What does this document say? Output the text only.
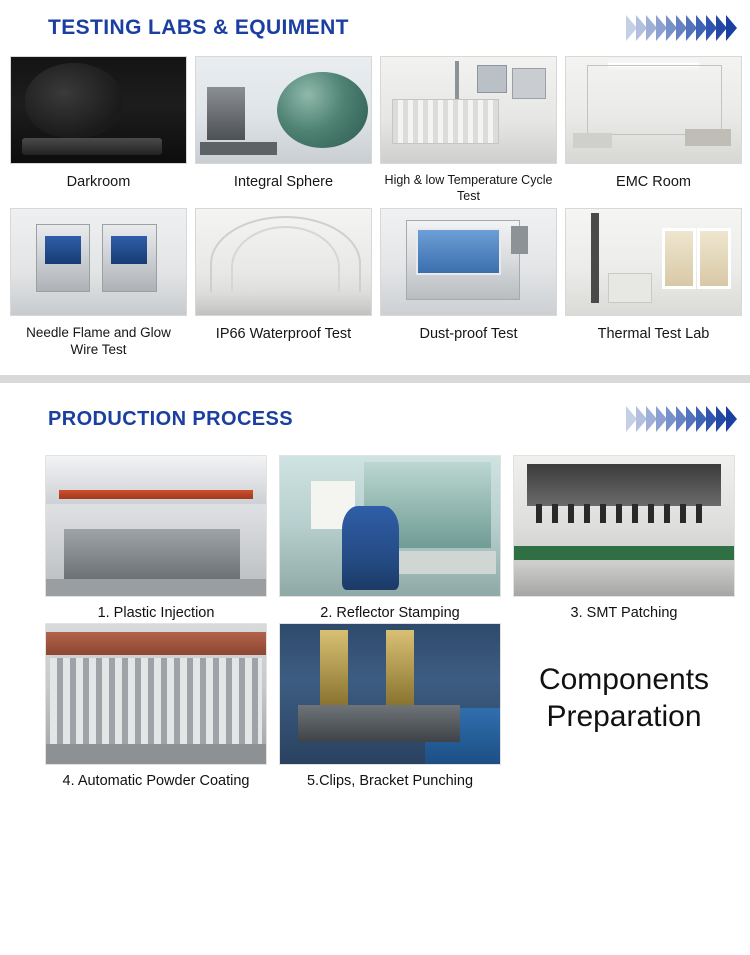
TESTING LABS & EQUIMENT
Darkroom	Integral Sphere	High & low Temperature Cycle Test
EMC Room
Needle Flame and Glow Wire Test
IP66 Waterproof Test	Dust-proof Test	Thermal Test Lab
PRODUCTION PROCESS
1. Plastic Injection	2. Reflector Stamping	3. SMT Patching
4. Automatic Powder Coating	5.Clips, Bracket Punching
Components
Preparation
